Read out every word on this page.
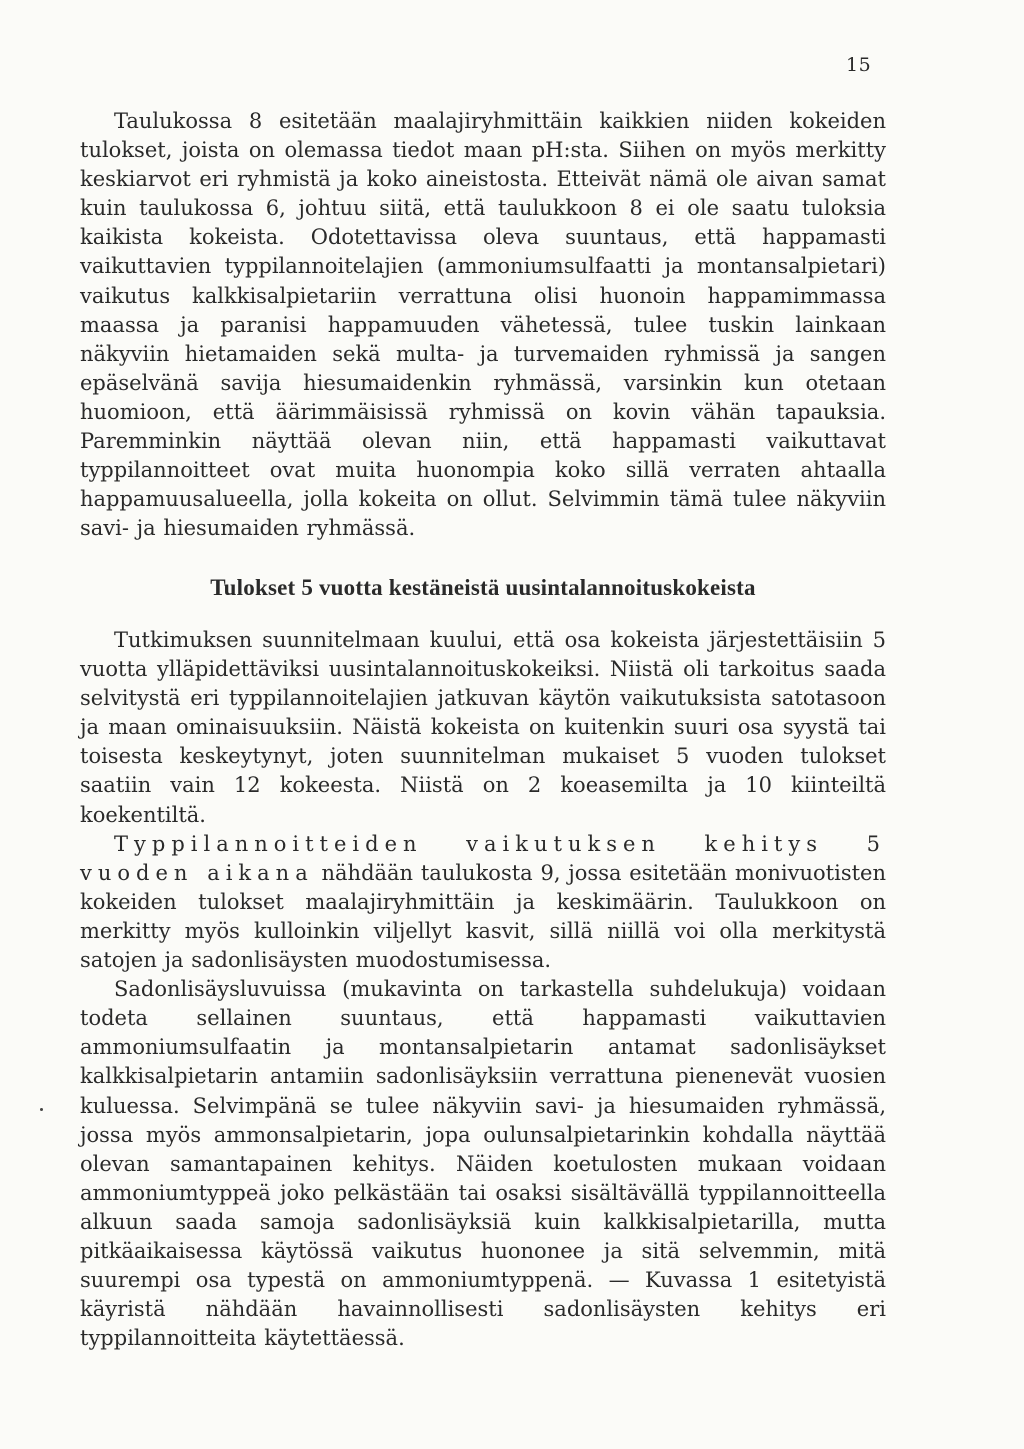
15

Taulukossa 8 esitetään maalajiryhmittäin kaikkien niiden kokeiden tulokset, joista on olemassa tiedot maan pH:sta. Siihen on myös merkitty keskiarvot eri ryhmistä ja koko aineistosta. Etteivät nämä ole aivan samat kuin taulukossa 6, johtuu siitä, että taulukkoon 8 ei ole saatu tuloksia kaikista kokeista. Odotettavissa oleva suuntaus, että happamasti vaikuttavien typpilannoitelajien (ammoniumsulfaatti ja montansalpietari) vaikutus kalkkisalpietariin verrattuna olisi huonoin happamimmassa maassa ja paranisi happamuuden vähetessä, tulee tuskin lainkaan näkyviin hietamaiden sekä multa- ja turvemaiden ryhmissä ja sangen epäselvänä savija hiesumaidenkin ryhmässä, varsinkin kun otetaan huomioon, että äärimmäisissä ryhmissä on kovin vähän tapauksia. Paremminkin näyttää olevan niin, että happamasti vaikuttavat typpilannoitteet ovat muita huonompia koko sillä verraten ahtaalla happamuusalueella, jolla kokeita on ollut. Selvimmin tämä tulee näkyviin savi- ja hiesumaiden ryhmässä.

Tulokset 5 vuotta kestäneistä uusintalannoituskokeista

Tutkimuksen suunnitelmaan kuului, että osa kokeista järjestettäisiin 5 vuotta ylläpidettäviksi uusintalannoituskokeiksi. Niistä oli tarkoitus saada selvitystä eri typpilannoitelajien jatkuvan käytön vaikutuksista satotasoon ja maan ominaisuuksiin. Näistä kokeista on kuitenkin suuri osa syystä tai toisesta keskeytynyt, joten suunnitelman mukaiset 5 vuoden tulokset saatiin vain 12 kokeesta. Niistä on 2 koeasemilta ja 10 kiinteiltä koekentiltä.

Typpilannoitteiden vaikutuksen kehitys 5 vuoden aikana nähdään taulukosta 9, jossa esitetään monivuotisten kokeiden tulokset maalajiryhmittäin ja keskimäärin. Taulukkoon on merkitty myös kulloinkin viljellyt kasvit, sillä niillä voi olla merkitystä satojen ja sadonlisäysten muodostumisessa.

Sadonlisäysluvuissa (mukavinta on tarkastella suhdelukuja) voidaan todeta sellainen suuntaus, että happamasti vaikuttavien ammoniumsulfaatin ja montansalpietarin antamat sadonlisäykset kalkkisalpietarin antamiin sadonlisäyksiin verrattuna pienenevät vuosien kuluessa. Selvimpänä se tulee näkyviin savi- ja hiesumaiden ryhmässä, jossa myös ammonsalpietarin, jopa oulunsalpietarinkin kohdalla näyttää olevan samantapainen kehitys. Näiden koetulosten mukaan voidaan ammoniumtyppeä joko pelkästään tai osaksi sisältävällä typpilannoitteella alkuun saada samoja sadonlisäyksiä kuin kalkkisalpietarilla, mutta pitkäaikaisessa käytössä vaikutus huononee ja sitä selvemmin, mitä suurempi osa typestä on ammoniumtyppenä. — Kuvassa 1 esitetyistä käyristä nähdään havainnollisesti sadonlisäysten kehitys eri typpilannoitteita käytettäessä.
